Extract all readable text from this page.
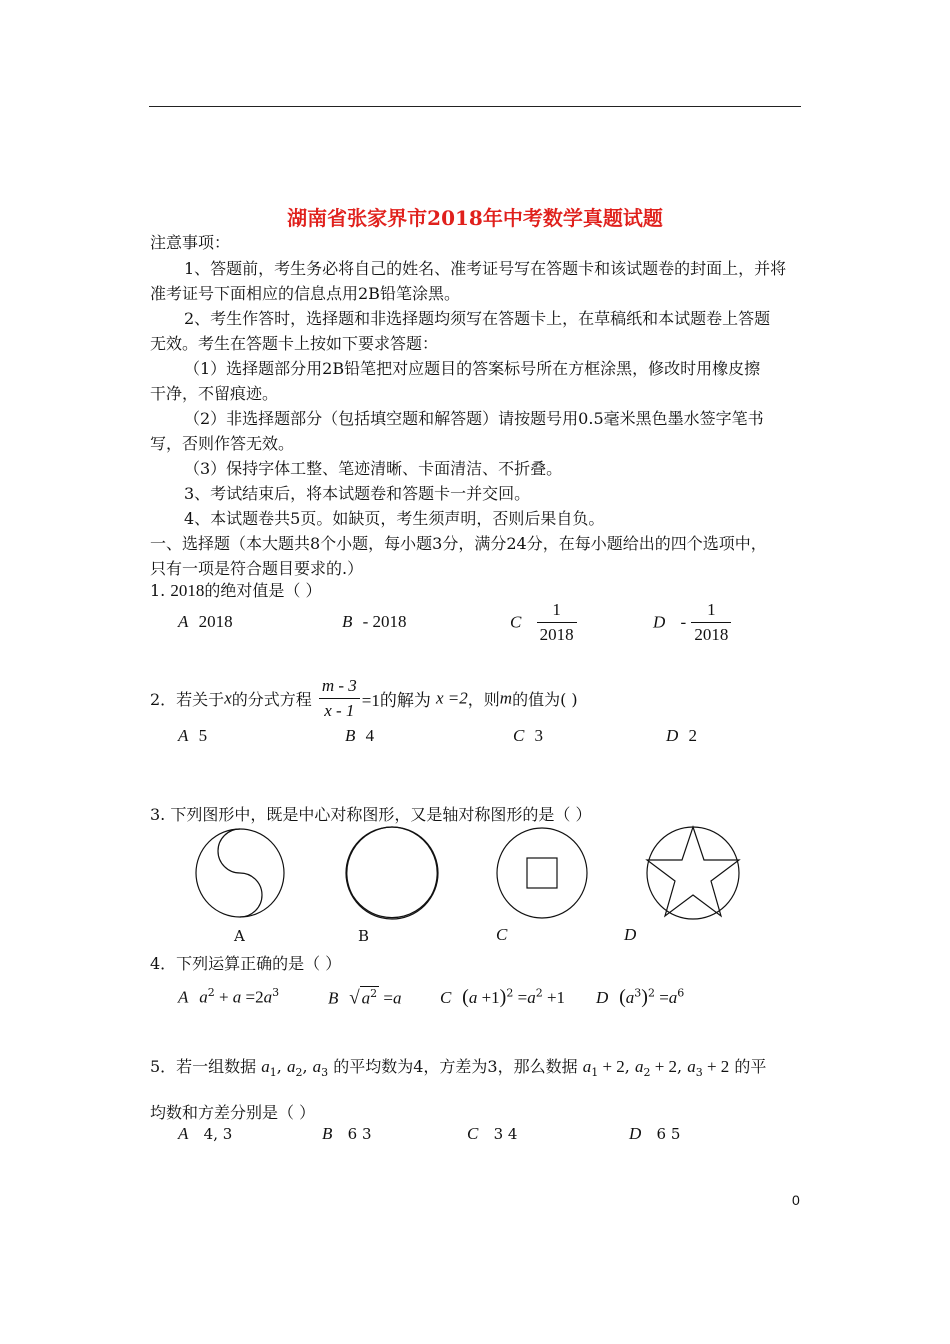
湖南省张家界市2018年中考数学真题试题
注意事项：
1、答题前，考生务必将自己的姓名、准考证号写在答题卡和该试题卷的封面上，并将
准考证号下面相应的信息点用2B铅笔涂黑。
2、考生作答时，选择题和非选择题均须写在答题卡上，在草稿纸和本试题卷上答题
无效。考生在答题卡上按如下要求答题：
（1）选择题部分用2B铅笔把对应题目的答案标号所在方框涂黑，修改时用橡皮擦
干净，不留痕迹。
（2）非选择题部分（包括填空题和解答题）请按题号用0.5毫米黑色墨水签字笔书
写，否则作答无效。
（3）保持字体工整、笔迹清晰、卡面清洁、不折叠。
3、考试结束后，将本试题卷和答题卡一并交回。
4、本试题卷共5页。如缺页，考生须声明，否则后果自负。
一、选择题（本大题共8个小题，每小题3分，满分24分，在每小题给出的四个选项中，
只有一项是符合题目要求的.）
1. 2018的绝对值是（ ）
A 2018	B - 2018	C $\frac{1}{2018}$	D - $\frac{1}{2018}$
2．若关于x的分式方程 $\frac{m - 3}{x - 1} =1$的解为 x =2，则m的值为( )
A 5	B 4	C 3	D 2
3. 下列图形中，既是中心对称图形，又是轴对称图形的是（ ）
A	B	C	D
4．下列运算正确的是（ ）
A $a^2 + a =2a^3$	B √ $a^2 =a$ C $(a +1)^2 =a^2 +1$ D $(a^3)^2 =a^6$
5．若一组数据 $a_1$, $a_2$, $a_3$ 的平均数为4，方差为3，那么数据 $a_1 + 2$, $a_2 + 2$, $a_3 + 2$ 的平
均数和方差分别是（ ）
A 4, 3	B 6 3	C 3 4	D 6 5
0
